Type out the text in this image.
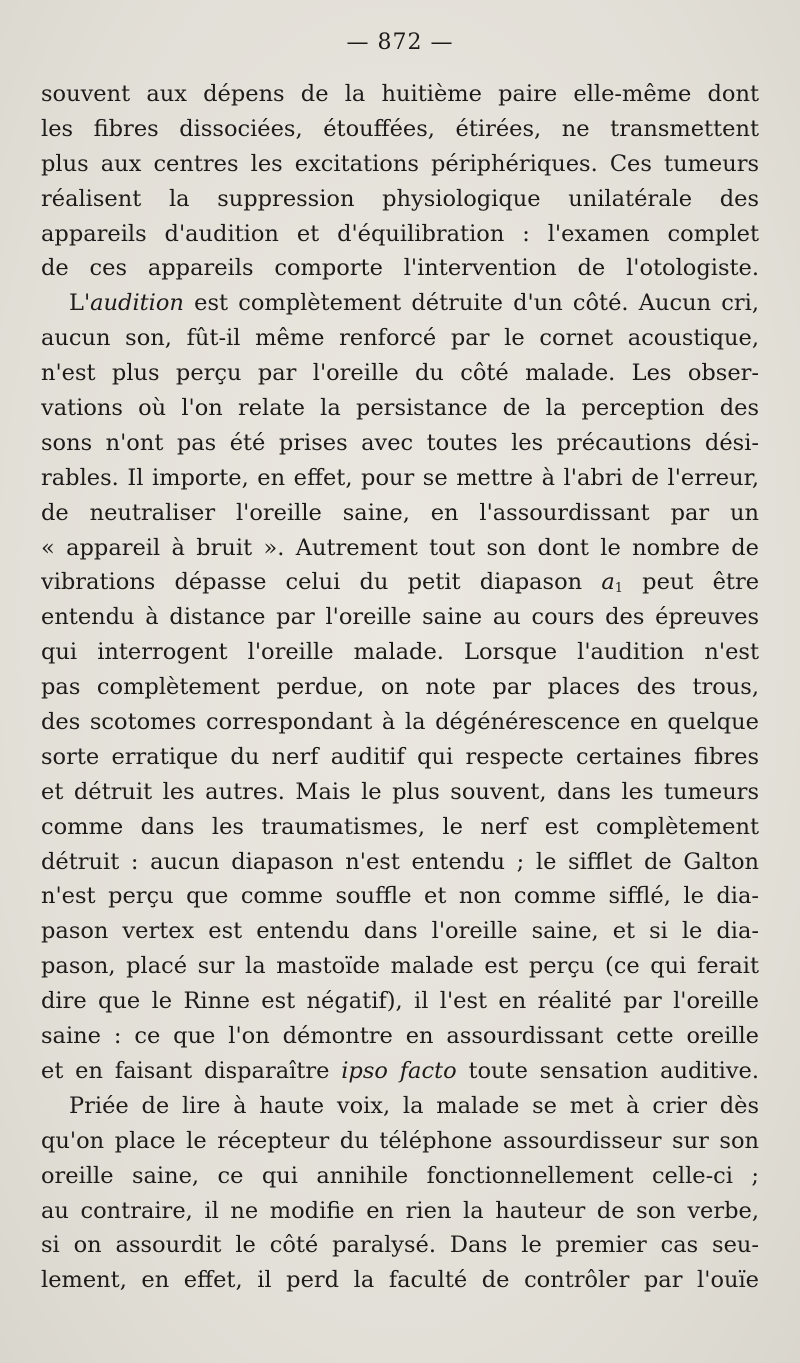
— 872 —
souvent aux dépens de la huitième paire elle-même dont
les fibres dissociées, étouffées, étirées, ne transmettent
plus aux centres les excitations périphériques. Ces tumeurs
réalisent la suppression physiologique unilatérale des
appareils d'audition et d'équilibration : l'examen complet
de ces appareils comporte l'intervention de l'otologiste.
L'audition est complètement détruite d'un côté. Aucun cri,
aucun son, fût-il même renforcé par le cornet acoustique,
n'est plus perçu par l'oreille du côté malade. Les obser-
vations où l'on relate la persistance de la perception des
sons n'ont pas été prises avec toutes les précautions dési-
rables. Il importe, en effet, pour se mettre à l'abri de l'erreur,
de neutraliser l'oreille saine, en l'assourdissant par un
« appareil à bruit ». Autrement tout son dont le nombre de
vibrations dépasse celui du petit diapason $a_1$ peut être
entendu à distance par l'oreille saine au cours des épreuves
qui interrogent l'oreille malade. Lorsque l'audition n'est
pas complètement perdue, on note par places des trous,
des scotomes correspondant à la dégénérescence en quelque
sorte erratique du nerf auditif qui respecte certaines fibres
et détruit les autres. Mais le plus souvent, dans les tumeurs
comme dans les traumatismes, le nerf est complètement
détruit : aucun diapason n'est entendu ; le sifflet de Galton
n'est perçu que comme souffle et non comme sifflé, le dia-
pason vertex est entendu dans l'oreille saine, et si le dia-
pason, placé sur la mastoïde malade est perçu (ce qui ferait
dire que le Rinne est négatif), il l'est en réalité par l'oreille
saine : ce que l'on démontre en assourdissant cette oreille
et en faisant disparaître ipso facto toute sensation auditive.
Priée de lire à haute voix, la malade se met à crier dès
qu'on place le récepteur du téléphone assourdisseur sur son
oreille saine, ce qui annihile fonctionnellement celle-ci ;
au contraire, il ne modifie en rien la hauteur de son verbe,
si on assourdit le côté paralysé. Dans le premier cas seu-
lement, en effet, il perd la faculté de contrôler par l'ouïe
